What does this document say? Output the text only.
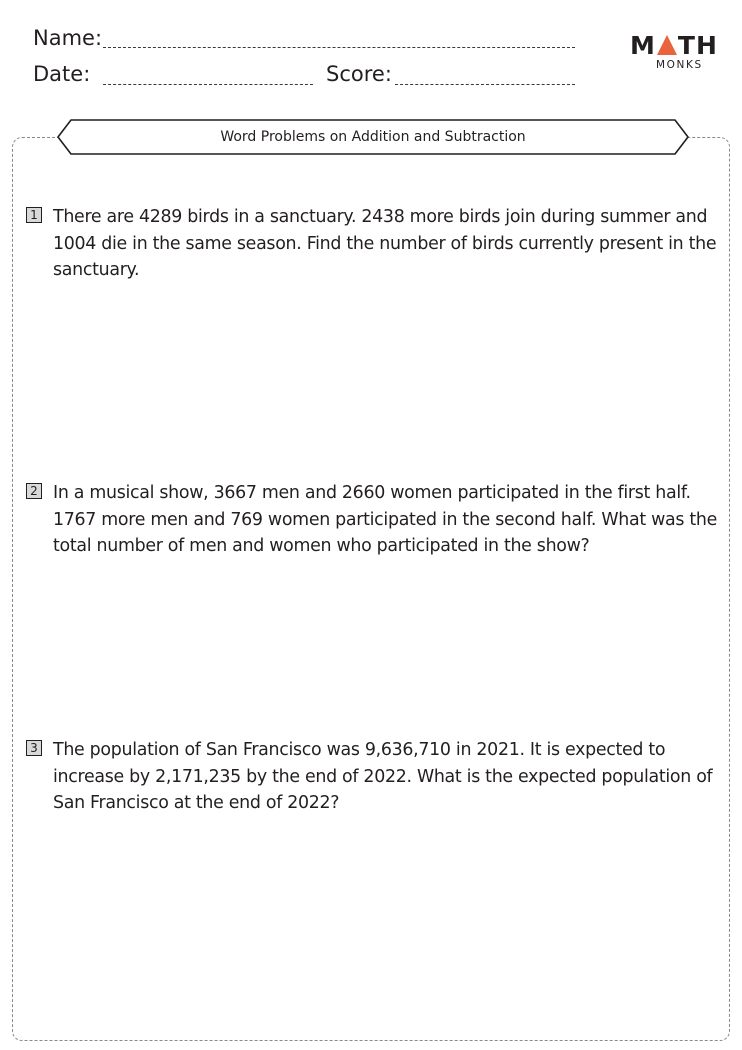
Name:
Date:	Score:
M TH
MONKS
Word Problems on Addition and Subtraction
1 There are 4289 birds in a sanctuary. 2438 more birds join during summer and 1004 die in the same season. Find the number of birds currently present in the sanctuary.
2 In a musical show, 3667 men and 2660 women participated in the first half. 1767 more men and 769 women participated in the second half. What was the total number of men and women who participated in the show?
3 The population of San Francisco was 9,636,710 in 2021. It is expected to increase by 2,171,235 by the end of 2022. What is the expected population of San Francisco at the end of 2022?
